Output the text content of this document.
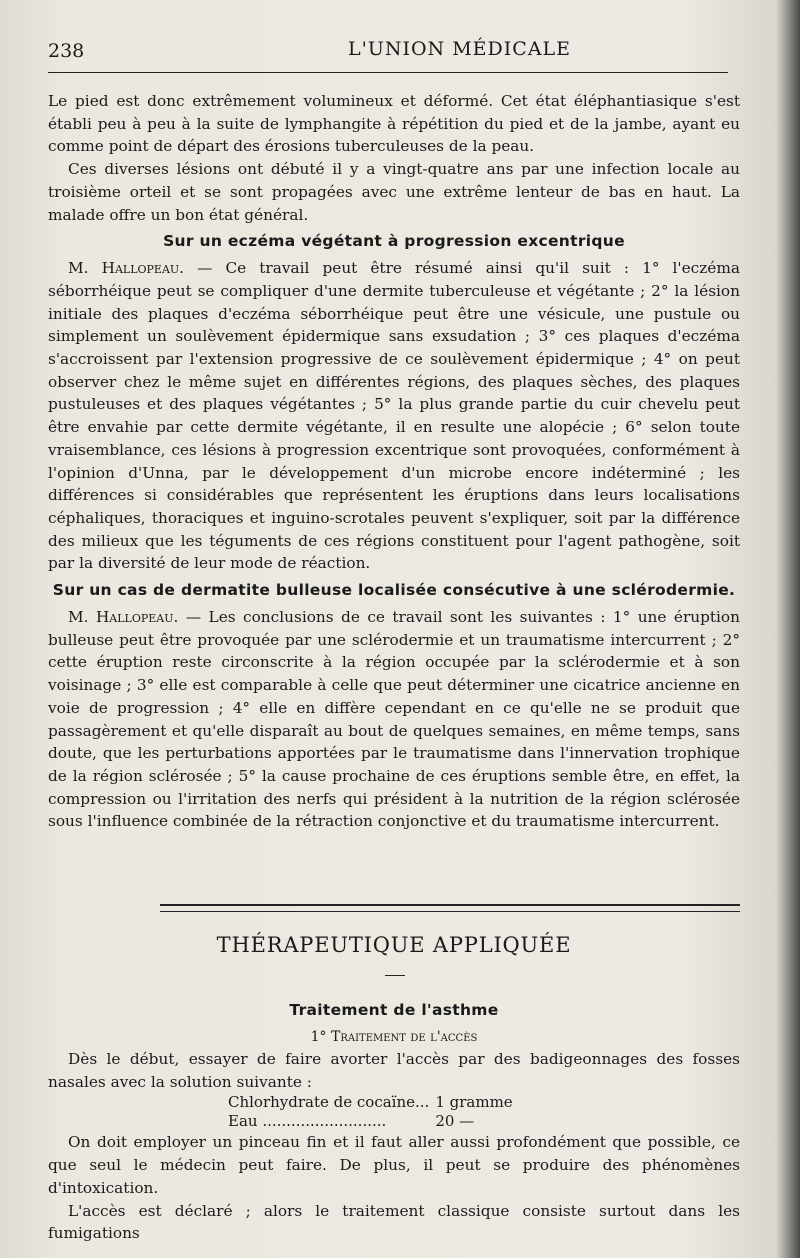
238	L'UNION MÉDICALE

Le pied est donc extrêmement volumineux et déformé. Cet état éléphantiasique s'est établi peu à peu à la suite de lymphangite à répétition du pied et de la jambe, ayant eu comme point de départ des érosions tuberculeuses de la peau.

Ces diverses lésions ont débuté il y a vingt-quatre ans par une infection locale au troisième orteil et se sont propagées avec une extrême lenteur de bas en haut. La malade offre un bon état général.

Sur un eczéma végétant à progression excentrique

M. Hallopeau. — Ce travail peut être résumé ainsi qu'il suit : 1° l'eczéma séborrhéique peut se compliquer d'une dermite tuberculeuse et végétante ; 2° la lésion initiale des plaques d'eczéma séborrhéique peut être une vésicule, une pustule ou simplement un soulèvement épidermique sans exsudation ; 3° ces plaques d'eczéma s'accroissent par l'extension progressive de ce soulèvement épidermique ; 4° on peut observer chez le même sujet en différentes régions, des plaques sèches, des plaques pustuleuses et des plaques végétantes ; 5° la plus grande partie du cuir chevelu peut être envahie par cette dermite végétante, il en resulte une alopécie ; 6° selon toute vraisemblance, ces lésions à progression excentrique sont provoquées, conformément à l'opinion d'Unna, par le développement d'un microbe encore indéterminé ; les différences si considérables que représentent les éruptions dans leurs localisations céphaliques, thoraciques et inguino-scrotales peuvent s'expliquer, soit par la différence des milieux que les téguments de ces régions constituent pour l'agent pathogène, soit par la diversité de leur mode de réaction.

Sur un cas de dermatite bulleuse localisée consécutive à une sclérodermie.

M. Hallopeau. — Les conclusions de ce travail sont les suivantes : 1° une éruption bulleuse peut être provoquée par une sclérodermie et un traumatisme intercurrent ; 2° cette éruption reste circonscrite à la région occupée par la sclérodermie et à son voisinage ; 3° elle est comparable à celle que peut déterminer une cicatrice ancienne en voie de progression ; 4° elle en diffère cependant en ce qu'elle ne se produit que passagèrement et qu'elle disparaît au bout de quelques semaines, en même temps, sans doute, que les perturbations apportées par le traumatisme dans l'innervation trophique de la région sclérosée ; 5° la cause prochaine de ces éruptions semble être, en effet, la compression ou l'irritation des nerfs qui président à la nutrition de la région sclérosée sous l'influence combinée de la rétraction conjonctive et du traumatisme intercurrent.

THÉRAPEUTIQUE APPLIQUÉE
Traitement de l'asthme

1° Traitement de l'accès

Dès le début, essayer de faire avorter l'accès par des badigeonnages des fosses nasales avec la solution suivante :

Chlorhydrate de cocaïne...	1 gramme
Eau ..........................	20 —

On doit employer un pinceau fin et il faut aller aussi profondément que possible, ce que seul le médecin peut faire. De plus, il peut se produire des phénomènes d'intoxication.

L'accès est déclaré ; alors le traitement classique consiste surtout dans les fumigations
